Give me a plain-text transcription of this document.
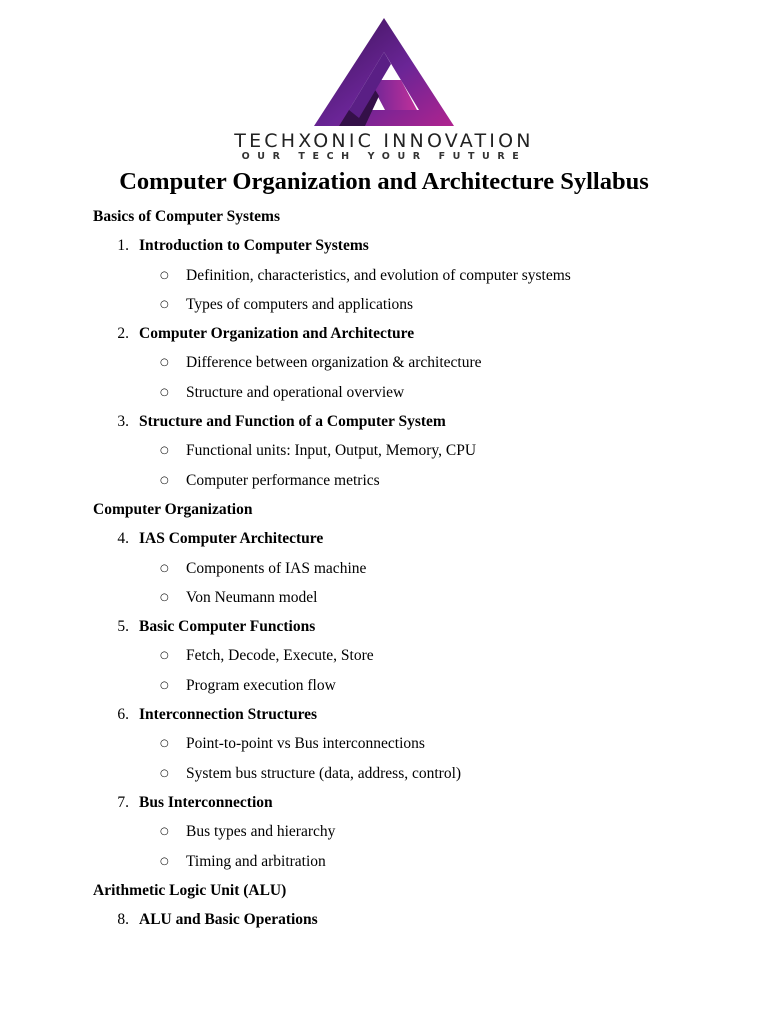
TECHXONIC INNOVATION
OUR TECH YOUR FUTURE
Computer Organization and Architecture Syllabus
Basics of Computer Systems
1. Introduction to Computer Systems
○ Definition, characteristics, and evolution of computer systems
○ Types of computers and applications
2. Computer Organization and Architecture
○ Difference between organization & architecture
○ Structure and operational overview
3. Structure and Function of a Computer System
○ Functional units: Input, Output, Memory, CPU
○ Computer performance metrics
Computer Organization
4. IAS Computer Architecture
○ Components of IAS machine
○ Von Neumann model
5. Basic Computer Functions
○ Fetch, Decode, Execute, Store
○ Program execution flow
6. Interconnection Structures
○ Point-to-point vs Bus interconnections
○ System bus structure (data, address, control)
7. Bus Interconnection
○ Bus types and hierarchy
○ Timing and arbitration
Arithmetic Logic Unit (ALU)
8. ALU and Basic Operations
